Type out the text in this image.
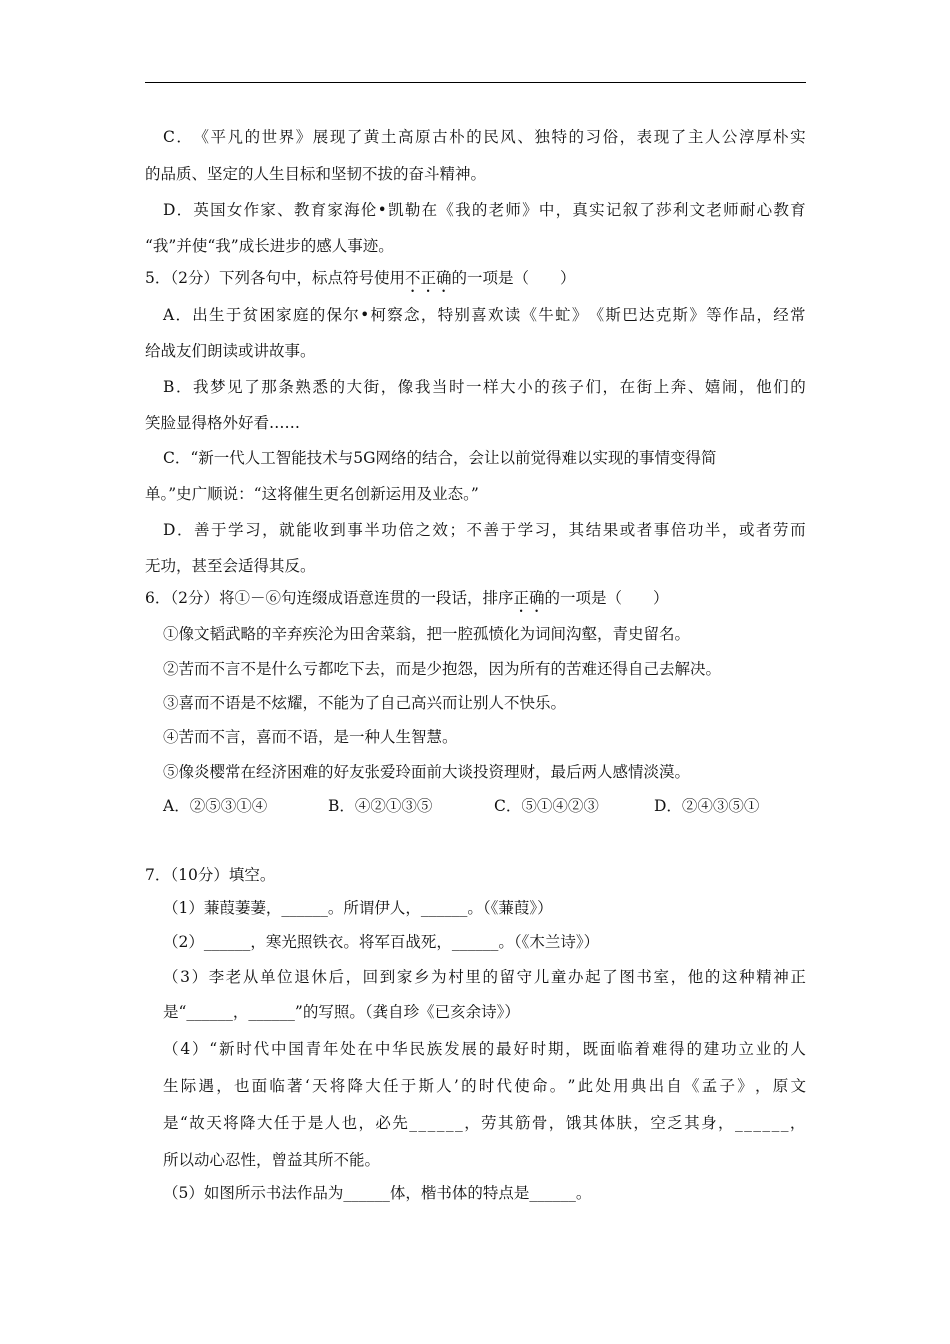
C ． 《 平 凡 的 世 界 》 展 现 了 黄 土 高 原 古 朴 的 民 风 、 独 特 的 习 俗 ， 表 现 了 主 人 公 淳 厚 朴 实
的品质、坚定的人生目标和坚韧不拔的奋斗精神。
D ． 英 国 女 作 家 、 教 育 家 海 伦 • 凯 勒 在 《 我 的 老 师 》 中 ， 真 实 记 叙 了 莎 利 文 老 师 耐 心 教 育
“我”并使“我”成长进步的感人事迹。
5．（2分）下列各句中，标点符号使用不正确的一项是（　　）
A ． 出 生 于 贫 困 家 庭 的 保 尔 • 柯 察 念 ， 特 别 喜 欢 读 《 牛 虻 》 《 斯 巴 达 克 斯 》 等 作 品 ， 经 常
给战友们朗读或讲故事。
B ． 我 梦 见 了 那 条 熟 悉 的 大 街 ， 像 我 当 时 一 样 大 小 的 孩 子 们 ， 在 街 上 奔 、 嬉 闹 ， 他 们 的
笑脸显得格外好看……
C．“新一代人工智能技术与5G网络的结合，会让以前觉得难以实现的事情变得简
单。”史广顺说：“这将催生更名创新运用及业态。”
D ． 善 于 学 习 ， 就 能 收 到 事 半 功 倍 之 效 ； 不 善 于 学 习 ， 其 结 果 或 者 事 倍 功 半 ， 或 者 劳 而
无功，甚至会适得其反。
6．（2分）将①－⑥句连缀成语意连贯的一段话，排序正确的一项是（　　）
①像文韬武略的辛弃疾沦为田舍菜翁，把一腔孤愤化为词间沟壑，青史留名。
②苦而不言不是什么亏都吃下去，而是少抱怨，因为所有的苦难还得自己去解决。
③喜而不语是不炫耀，不能为了自己高兴而让别人不快乐。
④苦而不言，喜而不语，是一种人生智慧。
⑤像炎樱常在经济困难的好友张爱玲面前大谈投资理财，最后两人感情淡漠。
A．②⑤③①④	B．④②①③⑤	C．⑤①④②③	D．②④③⑤①
7．（10分）填空。
（1）蒹葭萋萋，______。所谓伊人，______。（《蒹葭》）
（2）______，寒光照铁衣。将军百战死，______。（《木兰诗》）
（ 3 ） 李 老 从 单 位 退 休 后 ， 回 到 家 乡 为 村 里 的 留 守 儿 童 办 起 了 图 书 室 ， 他 的 这 种 精 神 正
是“______，______”的写照。（龚自珍《已亥余诗》）
（ 4 ） “ 新 时 代 中 国 青 年 处 在 中 华 民 族 发 展 的 最 好 时 期 ， 既 面 临 着 难 得 的 建 功 立 业 的 人
生 际 遇 ， 也 面 临 著 ‘ 天 将 降 大 任 于 斯 人 ’ 的 时 代 使 命 。 ” 此 处 用 典 出 自 《 孟 子 》 ， 原 文
是 “ 故 天 将 降 大 任 于 是 人 也 ， 必 先 _ _ _ _ _ _ ， 劳 其 筋 骨 ， 饿 其 体 肤 ， 空 乏 其 身 ， _ _ _ _ _ _ ，
所以动心忍性，曾益其所不能。
（5）如图所示书法作品为______体，楷书体的特点是______。
